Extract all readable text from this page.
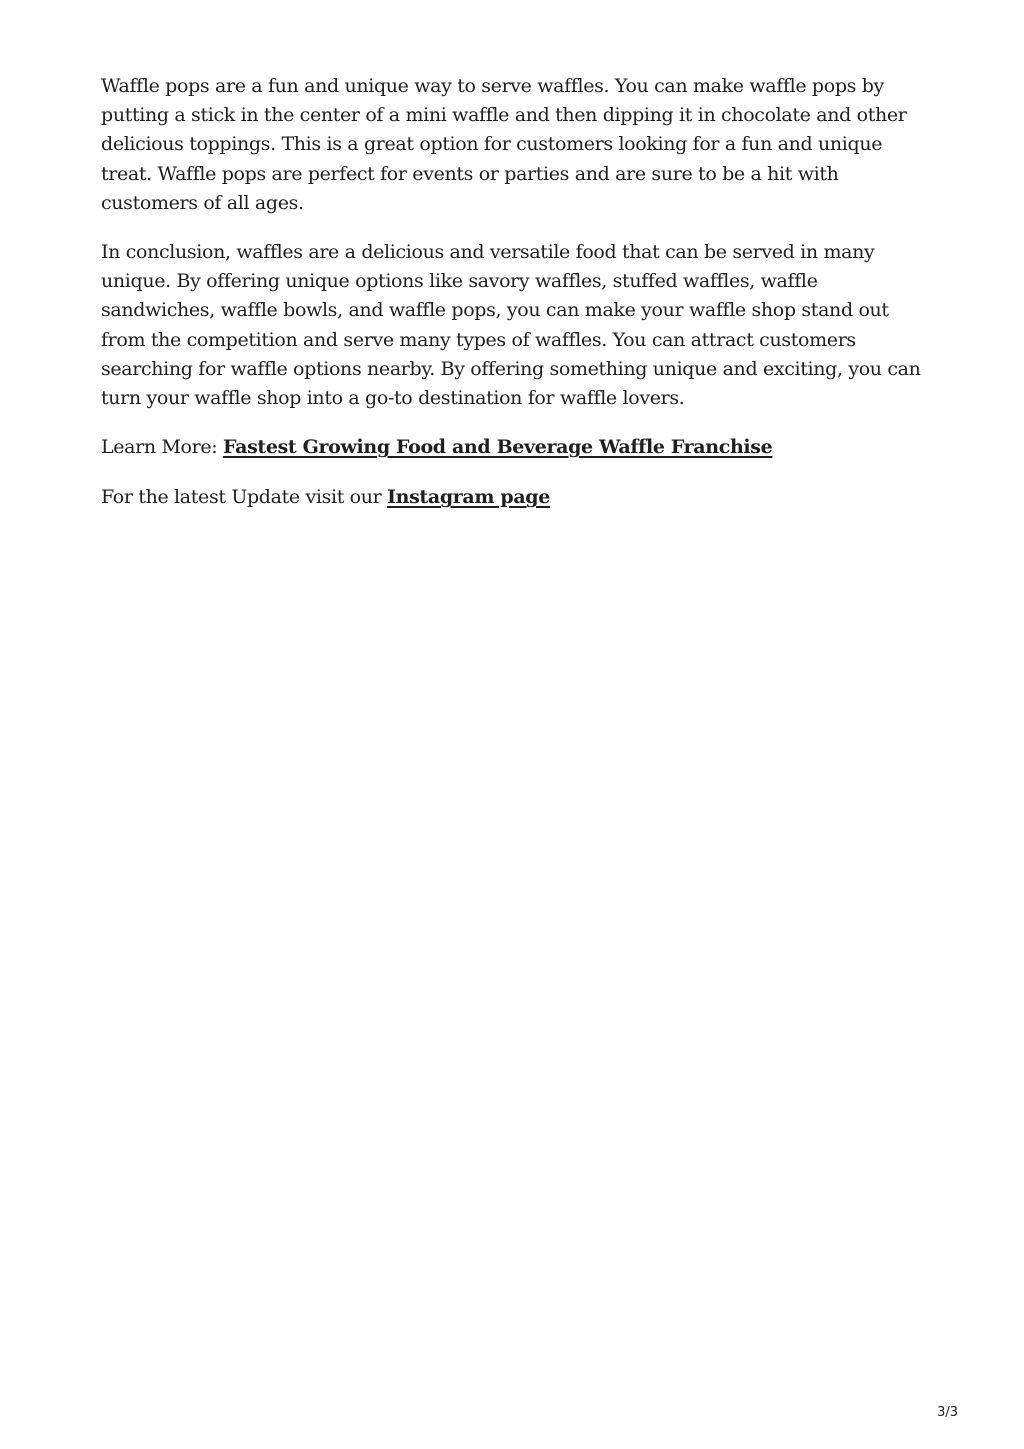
Waffle pops are a fun and unique way to serve waffles. You can make waffle pops by putting a stick in the center of a mini waffle and then dipping it in chocolate and other delicious toppings. This is a great option for customers looking for a fun and unique treat. Waffle pops are perfect for events or parties and are sure to be a hit with customers of all ages.

In conclusion, waffles are a delicious and versatile food that can be served in many unique. By offering unique options like savory waffles, stuffed waffles, waffle sandwiches, waffle bowls, and waffle pops, you can make your waffle shop stand out from the competition and serve many types of waffles. You can attract customers searching for waffle options nearby. By offering something unique and exciting, you can turn your waffle shop into a go-to destination for waffle lovers.

Learn More: Fastest Growing Food and Beverage Waffle Franchise

For the latest Update visit our Instagram page

3/3
